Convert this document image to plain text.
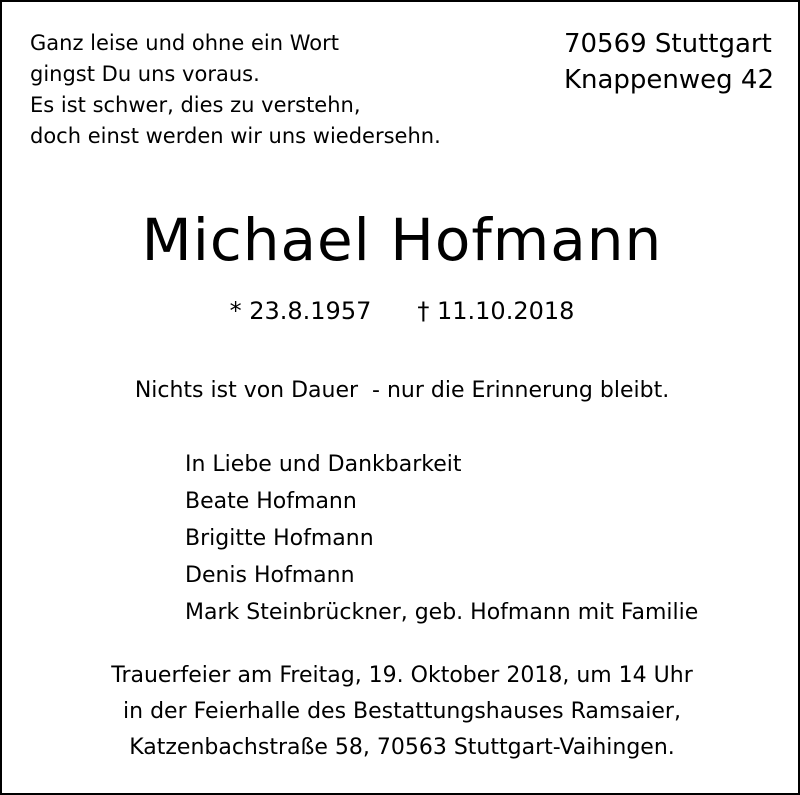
Ganz leise und ohne ein Wort
gingst Du uns voraus.
Es ist schwer, dies zu verstehn,
doch einst werden wir uns wiedersehn.
70569 Stuttgart
Knappenweg 42
Michael Hofmann
* 23.8.1957 † 11.10.2018
Nichts ist von Dauer  - nur die Erinnerung bleibt.
In Liebe und Dankbarkeit
Beate Hofmann
Brigitte Hofmann
Denis Hofmann
Mark Steinbrückner, geb. Hofmann mit Familie
Trauerfeier am Freitag, 19. Oktober 2018, um 14 Uhr
in der Feierhalle des Bestattungshauses Ramsaier,
Katzenbachstraße 58, 70563 Stuttgart-Vaihingen.
